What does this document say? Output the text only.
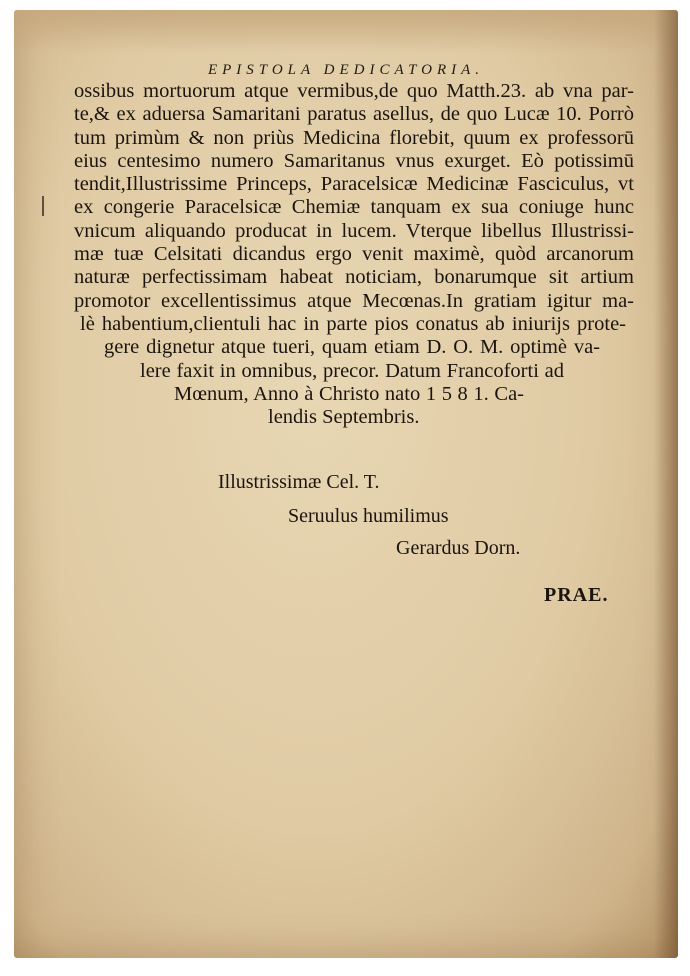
EPISTOLA DEDICATORIA.
ossibus mortuorum atque vermibus,de quo Matth.23. ab vna par-
te,& ex aduersa Samaritani paratus asellus, de quo Lucæ 10. Porrò
tum primùm & non priùs Medicina florebit, quum ex professorū
eius centesimo numero Samaritanus vnus exurget. Eò potissimū
tendit,Illustrissime Princeps, Paracelsicæ Medicinæ Fasciculus, vt
ex congerie Paracelsicæ Chemiæ tanquam ex sua coniuge hunc
vnicum aliquando producat in lucem. Vterque libellus Illustrissi-
mæ tuæ Celsitati dicandus ergo venit maximè, quòd arcanorum
naturæ perfectissimam habeat noticiam, bonarumque sit artium
promotor excellentissimus atque Mecœnas.In gratiam igitur ma-
lè habentium,clientuli hac in parte pios conatus ab iniurijs prote-
gere dignetur atque tueri, quam etiam D. O. M. optimè va-
lere faxit in omnibus, precor. Datum Francoforti ad
Mœnum, Anno à Christo nato 1 5 8 1. Ca-
lendis Septembris.
Illustrissimæ Cel. T.
Seruulus humilimus
Gerardus Dorn.
PRAE.
